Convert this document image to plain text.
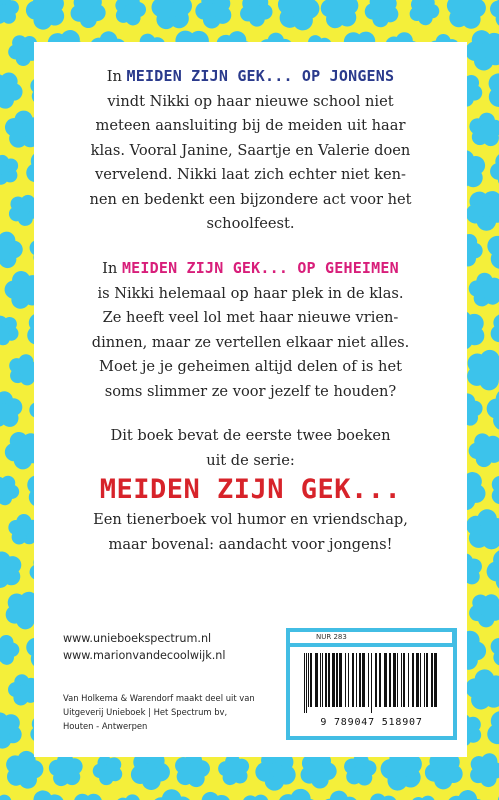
In MEIDEN ZIJN GEK... OP JONGENS
vindt Nikki op haar nieuwe school niet
meteen aansluiting bij de meiden uit haar
klas. Vooral Janine, Saartje en Valerie doen
vervelend. Nikki laat zich echter niet ken-
nen en bedenkt een bijzondere act voor het
schoolfeest.
In MEIDEN ZIJN GEK... OP GEHEIMEN
is Nikki helemaal op haar plek in de klas.
Ze heeft veel lol met haar nieuwe vrien-
dinnen, maar ze vertellen elkaar niet alles.
Moet je je geheimen altijd delen of is het
soms slimmer ze voor jezelf te houden?
Dit boek bevat de eerste twee boeken
uit de serie:
MEIDEN ZIJN GEK...
Een tienerboek vol humor en vriendschap,
maar bovenal: aandacht voor jongens!
www.unieboekspectrum.nl
www.marionvandecoolwijk.nl
Van Holkema & Warendorf maakt deel uit van
Uitgeverij Unieboek | Het Spectrum bv,
Houten - Antwerpen
NUR 283
9 789047 518907
